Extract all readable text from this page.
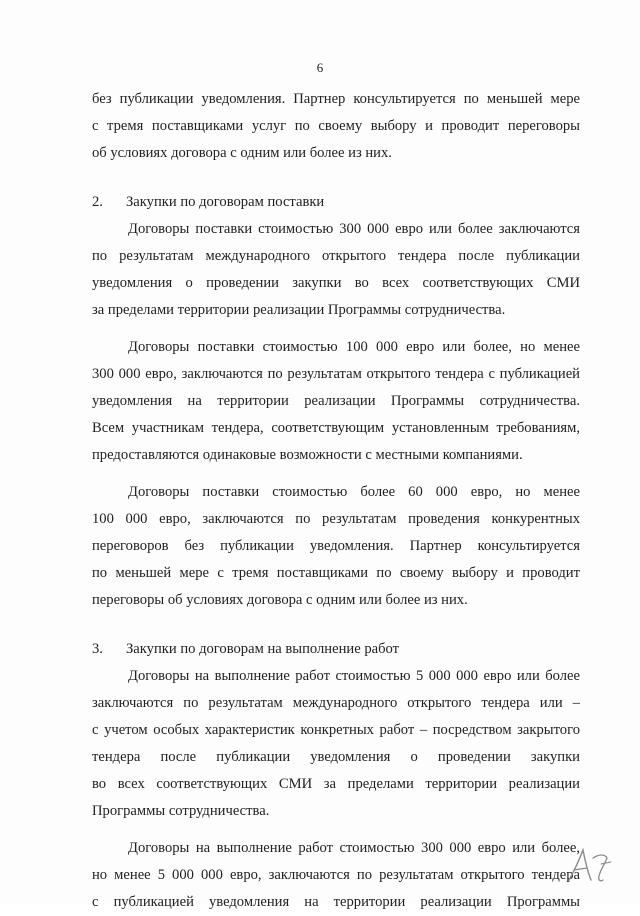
6
без публикации уведомления. Партнер консультируется по меньшей мере
с тремя поставщиками услуг по своему выбору и проводит переговоры
об условиях договора с одним или более из них.
2. Закупки по договорам поставки
Договоры поставки стоимостью 300 000 евро или более заключаются
по результатам международного открытого тендера после публикации
уведомления о проведении закупки во всех соответствующих СМИ
за пределами территории реализации Программы сотрудничества.
Договоры поставки стоимостью 100 000 евро или более, но менее
300 000 евро, заключаются по результатам открытого тендера с публикацией
уведомления на территории реализации Программы сотрудничества.
Всем участникам тендера, соответствующим установленным требованиям,
предоставляются одинаковые возможности с местными компаниями.
Договоры поставки стоимостью более 60 000 евро, но менее
100 000 евро, заключаются по результатам проведения конкурентных
переговоров без публикации уведомления. Партнер консультируется
по меньшей мере с тремя поставщиками по своему выбору и проводит
переговоры об условиях договора с одним или более из них.
3. Закупки по договорам на выполнение работ
Договоры на выполнение работ стоимостью 5 000 000 евро или более
заключаются по результатам международного открытого тендера или –
с учетом особых характеристик конкретных работ – посредством закрытого
тендера после публикации уведомления о проведении закупки
во всех соответствующих СМИ за пределами территории реализации
Программы сотрудничества.
Договоры на выполнение работ стоимостью 300 000 евро или более,
но менее 5 000 000 евро, заключаются по результатам открытого тендера
с публикацией уведомления на территории реализации Программы
